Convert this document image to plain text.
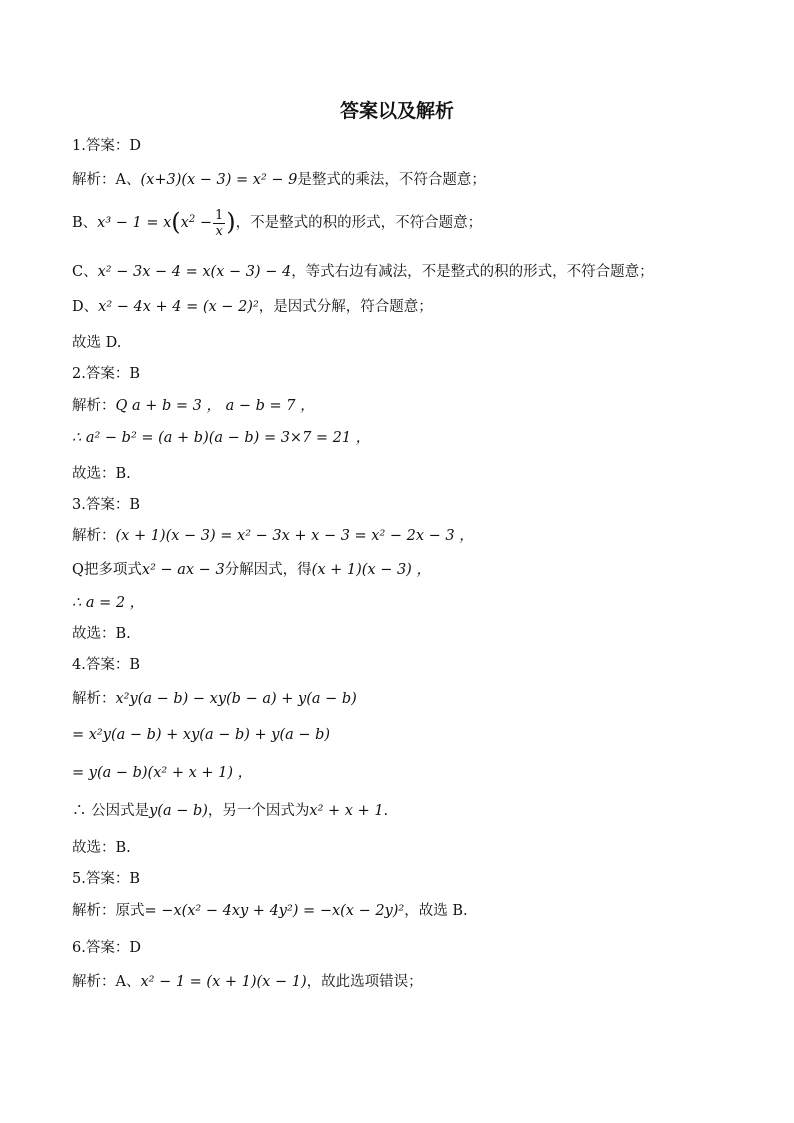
答案以及解析
1.答案：D
解析：A、(x+3)(x − 3) = x² − 9是整式的乘法，不符合题意；
B、$x^3 - 1 = x(x^2 - \frac{1}{x}$ )，不是整式的积的形式，不符合题意；
C、x² − 3x − 4 = x(x − 3) − 4，等式右边有减法，不是整式的积的形式，不符合题意；
D、x² − 4x + 4 = (x − 2)²，是因式分解，符合题意；
故选 D.
2.答案：B
解析：Q a + b = 3 ， a − b = 7 ，
∴ a² − b² = (a + b)(a − b) = 3×7 = 21 ，
故选：B.
3.答案：B
解析：(x + 1)(x − 3) = x² − 3x + x − 3 = x² − 2x − 3 ，
Q把多项式x² − ax − 3分解因式，得(x + 1)(x − 3) ，
∴ a = 2 ，
故选：B.
4.答案：B
解析：x²y(a − b) − xy(b − a) + y(a − b)
= x²y(a − b) + xy(a − b) + y(a − b)
= y(a − b)(x² + x + 1) ，
∴ 公因式是y(a − b)，另一个因式为x² + x + 1.
故选：B.
5.答案：B
解析：原式= −x(x² − 4xy + 4y²) = −x(x − 2y)²，故选 B.
6.答案：D
解析：A、x² − 1 = (x + 1)(x − 1)，故此选项错误；
